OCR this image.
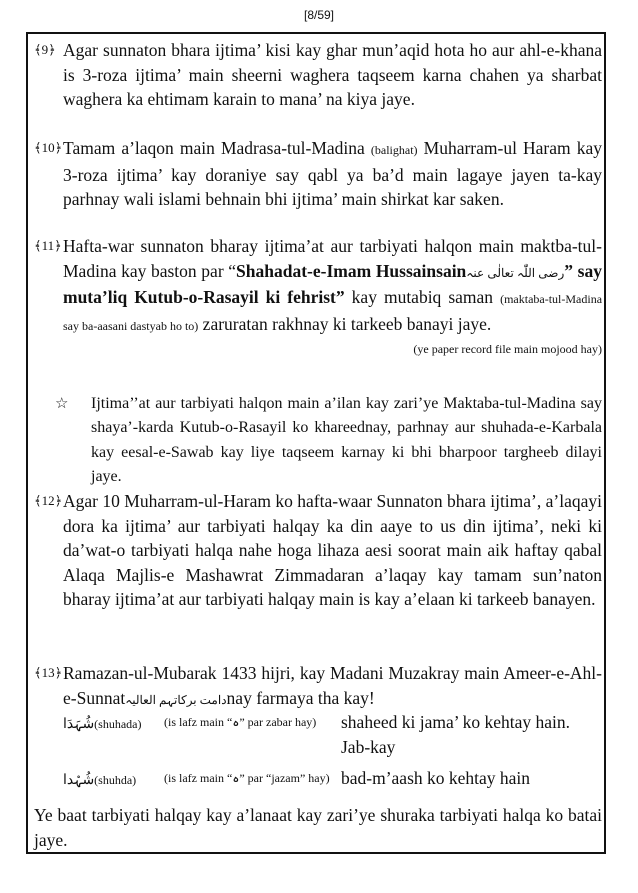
[8/59]

﴾9﴿ Agar sunnaton bhara ijtima’ kisi kay ghar mun’aqid hota ho aur ahl-e-khana is 3-roza ijtima’ main sheerni waghera taqseem karna chahen ya sharbat waghera ka ehtimam karain to mana’ na kiya jaye.

﴾10﴿ Tamam a’laqon main Madrasa-tul-Madina (balighat) Muharram-ul Haram kay 3-roza ijtima’ kay doraniye say qabl ya ba’d main lagaye jayen ta-kay parhnay wali islami behnain bhi ijtima’ main shirkat kar saken.

﴾11﴿ Hafta-war sunnaton bharay ijtima’at aur tarbiyati halqon main maktba-tul-Madina kay baston par “Shahadat-e-Imam Hussainsainرضی اللّٰہ تعالٰی عنہ” say muta’liq Kutub-o-Rasayil ki fehrist” kay mutabiq saman (maktaba-tul-Madina say ba-aasani dastyab ho to) zaruratan rakhnay ki tarkeeb banayi jaye.

(ye paper record file main mojood hay)

☆ Ijtima’’at aur tarbiyati halqon main a’ilan kay zari’ye Maktaba-tul-Madina say shaya’-karda Kutub-o-Rasayil ko khareednay, parhnay aur shuhada-e-Karbala kay eesal-e-Sawab kay liye taqseem karnay ki bhi bharpoor targheeb dilayi jaye.

﴾12﴿ Agar 10 Muharram-ul-Haram ko hafta-waar Sunnaton bhara ijtima’, a’laqayi dora ka ijtima’ aur tarbiyati halqay ka din aaye to us din ijtima’, neki ki da’wat-o tarbiyati halqa nahe hoga lihaza aesi soorat main aik haftay qabal Alaqa Majlis-e Mashawrat Zimmadaran a’laqay kay tamam sun’naton bharay ijtima’at aur tarbiyati halqay main is kay a’elaan ki tarkeeb banayen.

﴾13﴿ Ramazan-ul-Mubarak 1433 hijri, kay Madani Muzakray main Ameer-e-Ahl-e-Sunnatدامت برکاتہم العالیہnay farmaya tha kay!

شُہَدَا(shuhada)	(is lafz main “ہ” par zabar hay)	shaheed ki jama’ ko kehtay hain. Jab-kay
شُہْدا(shuhda)	(is lafz main “ہ” par “jazam” hay) bad-m’aash ko kehtay hain

Ye baat tarbiyati halqay kay a’lanaat kay zari’ye shuraka tarbiyati halqa ko batai jaye.
